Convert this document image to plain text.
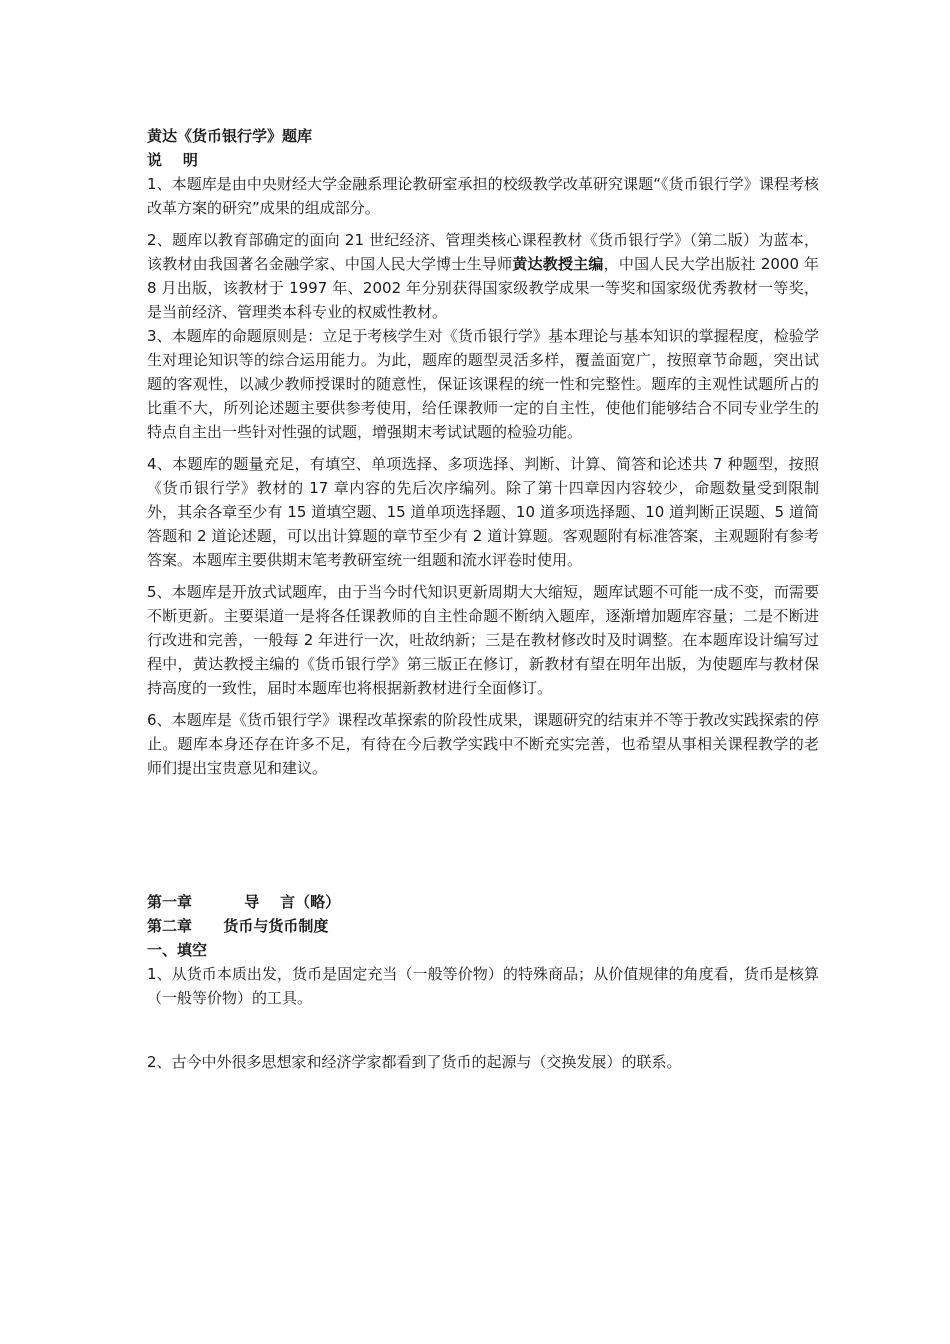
黄达《货币银行学》题库
说    明
1、本题库是由中央财经大学金融系理论教研室承担的校级教学改革研究课题“《货币银行学》课程考核改革方案的研究”成果的组成部分。
2、题库以教育部确定的面向 21 世纪经济、管理类核心课程教材《货币银行学》（第二版）为蓝本，该教材由我国著名金融学家、中国人民大学博士生导师黄达教授主编，中国人民大学出版社 2000 年 8 月出版，该教材于 1997 年、2002 年分别获得国家级教学成果一等奖和国家级优秀教材一等奖，是当前经济、管理类本科专业的权威性教材。
3、本题库的命题原则是：立足于考核学生对《货币银行学》基本理论与基本知识的掌握程度，检验学生对理论知识等的综合运用能力。为此，题库的题型灵活多样，覆盖面宽广，按照章节命题，突出试题的客观性，以减少教师授课时的随意性，保证该课程的统一性和完整性。题库的主观性试题所占的比重不大，所列论述题主要供参考使用，给任课教师一定的自主性，使他们能够结合不同专业学生的特点自主出一些针对性强的试题，增强期末考试试题的检验功能。
4、本题库的题量充足，有填空、单项选择、多项选择、判断、计算、简答和论述共 7 种题型，按照《货币银行学》教材的 17 章内容的先后次序编列。除了第十四章因内容较少，命题数量受到限制外，其余各章至少有 15 道填空题、15 道单项选择题、10 道多项选择题、10 道判断正误题、5 道简答题和 2 道论述题，可以出计算题的章节至少有 2 道计算题。客观题附有标准答案，主观题附有参考答案。本题库主要供期末笔考教研室统一组题和流水评卷时使用。
5、本题库是开放式试题库，由于当今时代知识更新周期大大缩短，题库试题不可能一成不变，而需要不断更新。主要渠道一是将各任课教师的自主性命题不断纳入题库，逐渐增加题库容量；二是不断进行改进和完善，一般每 2 年进行一次，吐故纳新；三是在教材修改时及时调整。在本题库设计编写过程中，黄达教授主编的《货币银行学》第三版正在修订，新教材有望在明年出版，为使题库与教材保持高度的一致性，届时本题库也将根据新教材进行全面修订。
6、本题库是《货币银行学》课程改革探索的阶段性成果，课题研究的结束并不等于教改实践探索的停止。题库本身还存在许多不足，有待在今后教学实践中不断充实完善，也希望从事相关课程教学的老师们提出宝贵意见和建议。
第一章          导    言（略）
第二章      货币与货币制度
一、填空
1、从货币本质出发，货币是固定充当（一般等价物）的特殊商品；从价值规律的角度看，货币是核算（一般等价物）的工具。
2、古今中外很多思想家和经济学家都看到了货币的起源与（交换发展）的联系。
